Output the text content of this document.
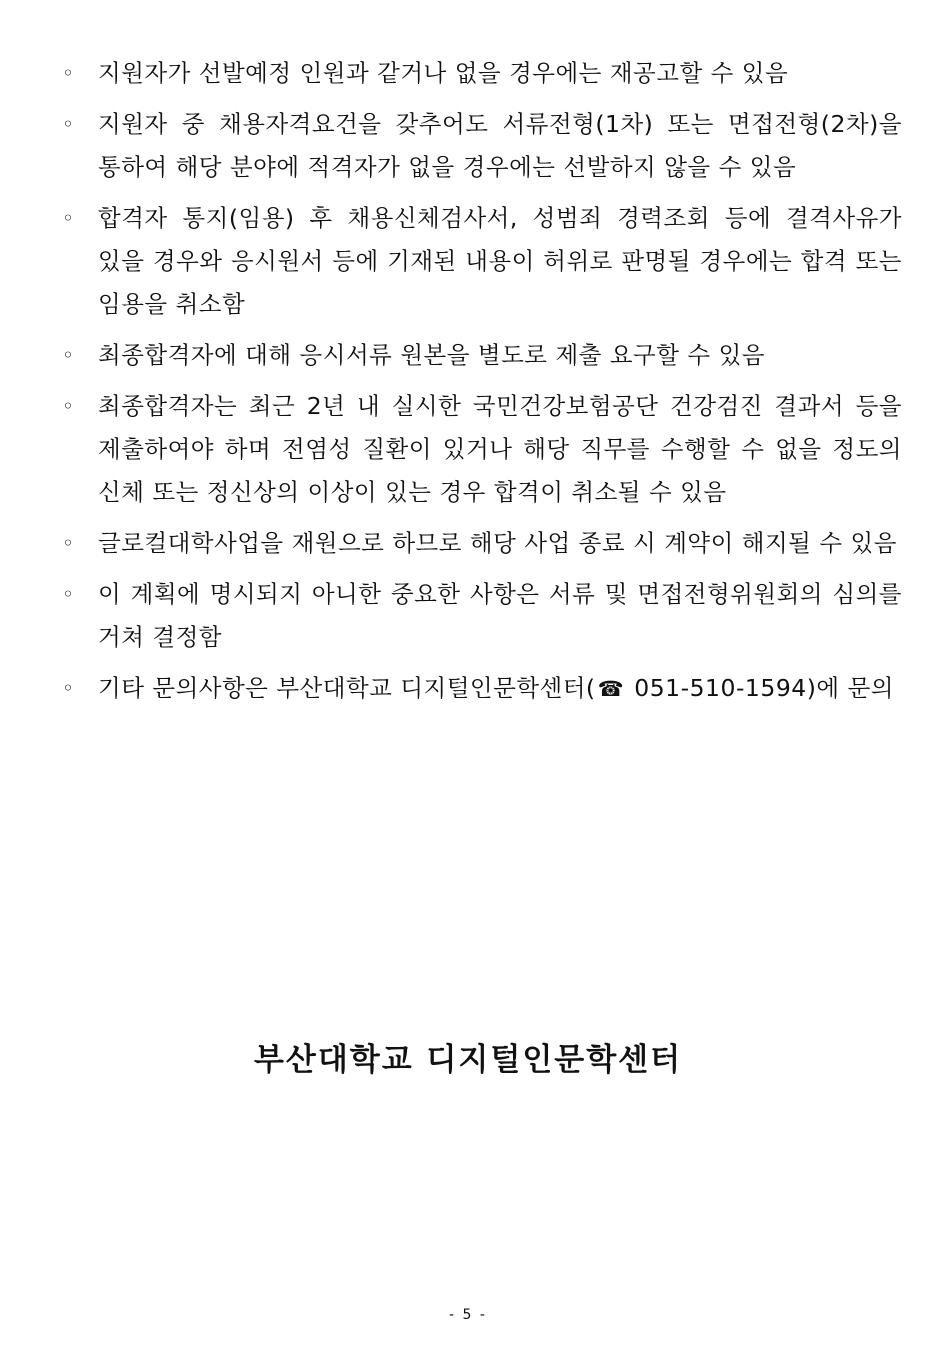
◦	지원자가 선발예정 인원과 같거나 없을 경우에는 재공고할 수 있음
◦	지원자 중 채용자격요건을 갖추어도 서류전형(1차) 또는 면접전형(2차)을 통하여 해당 분야에 적격자가 없을 경우에는 선발하지 않을 수 있음
◦	합격자 통지(임용) 후 채용신체검사서, 성범죄 경력조회 등에 결격사유가 있을 경우와 응시원서 등에 기재된 내용이 허위로 판명될 경우에는 합격 또는 임용을 취소함
◦	최종합격자에 대해 응시서류 원본을 별도로 제출 요구할 수 있음
◦	최종합격자는 최근 2년 내 실시한 국민건강보험공단 건강검진 결과서 등을 제출하여야 하며 전염성 질환이 있거나 해당 직무를 수행할 수 없을 정도의 신체 또는 정신상의 이상이 있는 경우 합격이 취소될 수 있음
◦	글로컬대학사업을 재원으로 하므로 해당 사업 종료 시 계약이 해지될 수 있음
◦	이 계획에 명시되지 아니한 중요한 사항은 서류 및 면접전형위원회의 심의를 거쳐 결정함
◦	기타 문의사항은 부산대학교 디지털인문학센터(☎ 051-510-1594)에 문의
부산대학교 디지털인문학센터
- 5 -
